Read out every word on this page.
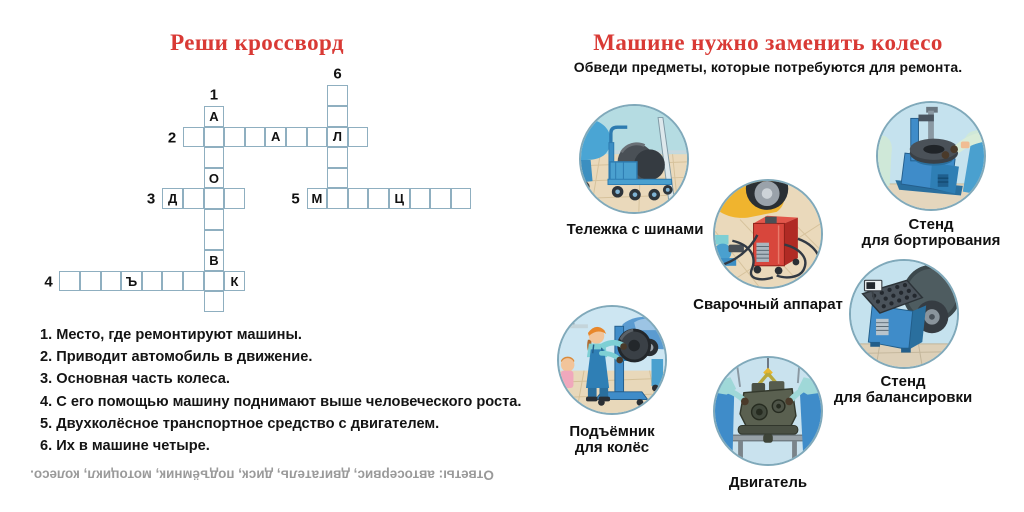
Реши кроссворд
1
А
О
В
2	А	Л
3 Д
4	Ъ	К
5 М	Ц
6
1. Место, где ремонтируют машины.
2. Приводит автомобиль в движение.
3. Основная часть колеса.
4. С его помощью машину поднимают выше человеческого роста.
5. Двухколёсное транспортное средство с двигателем.
6. Их в машине четыре.
Ответы: автосервис, двигатель, диск, подъёмник, мотоцикл, колесо.
Машине нужно заменить колесо
Обведи предметы, которые потребуются для ремонта.
Тележка с шинами
Сварочный аппарат
Стенд
для бортирования
Подъёмник
для колёс
Двигатель
Стенд
для балансировки
